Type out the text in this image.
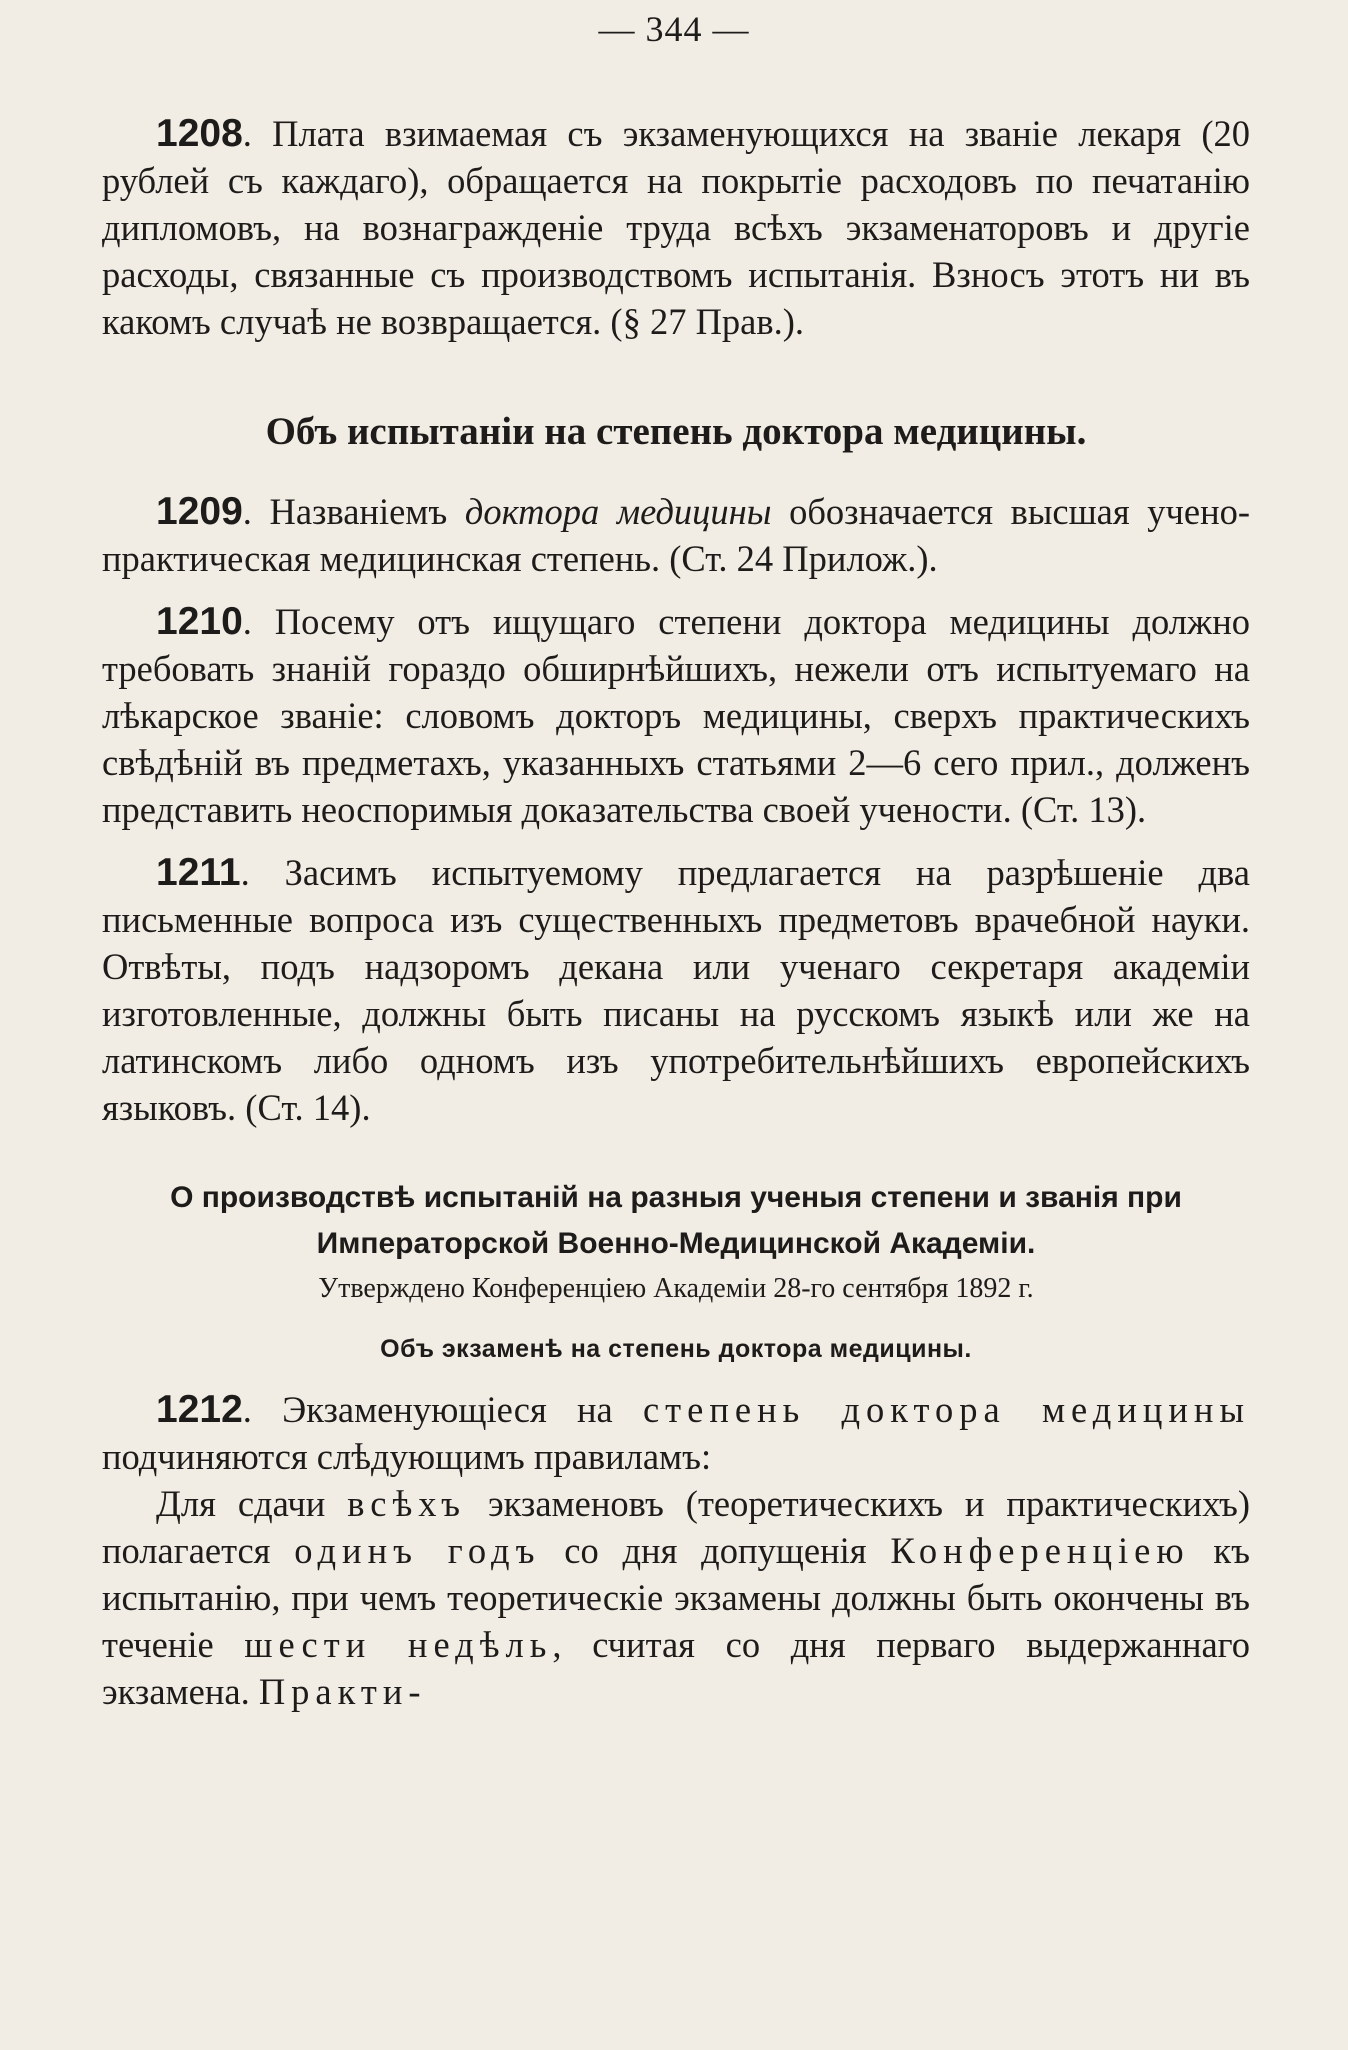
— 344 —

1208. Плата взимаемая съ экзаменующихся на званіе лекаря (20 рублей съ каждаго), обращается на покрытіе расходовъ по печатанію дипломовъ, на вознагражденіе труда всѣхъ экзаменаторовъ и другіе расходы, связанные съ производствомъ испытанія. Взносъ этотъ ни въ какомъ случаѣ не возвращается. (§ 27 Прав.).

Объ испытаніи на степень доктора медицины.

1209. Названіемъ доктора медицины обозначается высшая учено-практическая медицинская степень. (Ст. 24 Прилож.).

1210. Посему отъ ищущаго степени доктора медицины должно требовать знаній гораздо обширнѣйшихъ, нежели отъ испытуемаго на лѣкарское званіе: словомъ докторъ медицины, сверхъ практическихъ свѣдѣній въ предметахъ, указанныхъ статьями 2—6 сего прил., долженъ представить неоспоримыя доказательства своей учености. (Ст. 13).

1211. Засимъ испытуемому предлагается на разрѣшеніе два письменные вопроса изъ существенныхъ предметовъ врачебной науки. Отвѣты, подъ надзоромъ декана или ученаго секретаря академіи изготовленные, должны быть писаны на русскомъ языкѣ или же на латинскомъ либо одномъ изъ употребительнѣйшихъ европейскихъ языковъ. (Ст. 14).

О производствѣ испытаній на разныя ученыя степени и званія при

Императорской Военно-Медицинской Академіи.

Утверждено Конференціею Академіи 28-го сентября 1892 г.

Объ экзаменѣ на степень доктора медицины.

1212. Экзаменующіеся на степень доктора медицины подчиняются слѣдующимъ правиламъ:

Для сдачи всѣхъ экзаменовъ (теоретическихъ и практическихъ) полагается одинъ годъ со дня допущенія Конференціею къ испытанію, при чемъ теоретическіе экзамены должны быть окончены въ теченіе шести недѣль, считая со дня перваго выдержаннаго экзамена. Практи-
